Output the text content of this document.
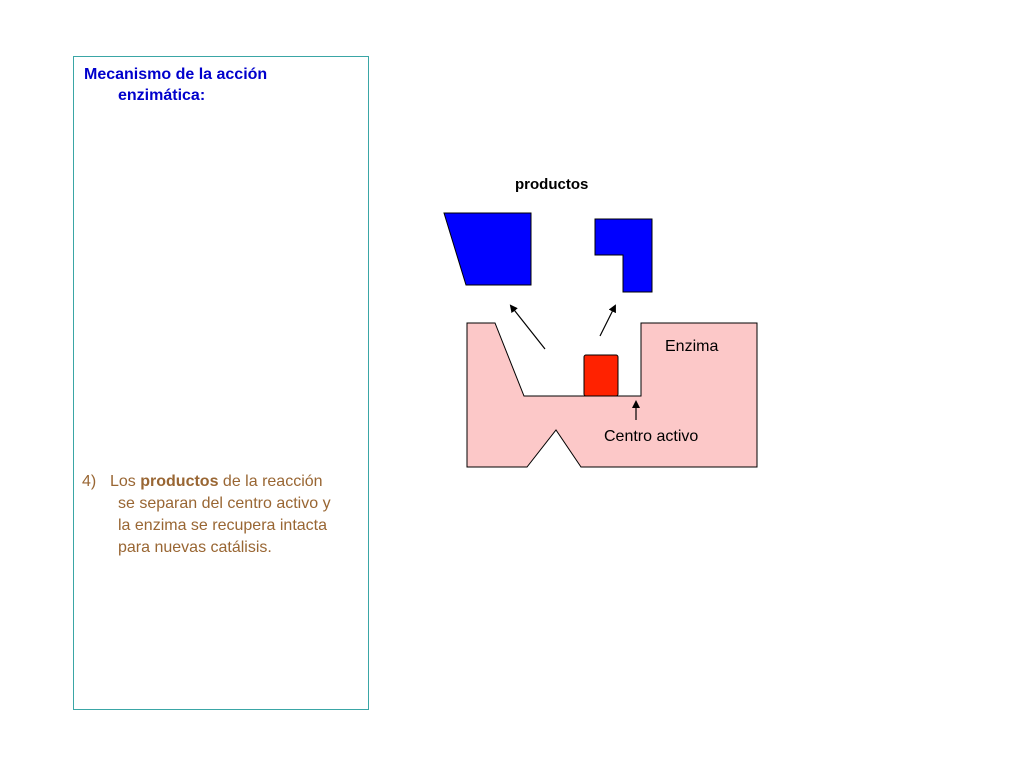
Mecanismo de la acción
enzimática:
4) Los productos de la reacción
se separan del centro activo y
la enzima se recupera intacta
para nuevas catálisis.
productos
Enzima
Centro activo
